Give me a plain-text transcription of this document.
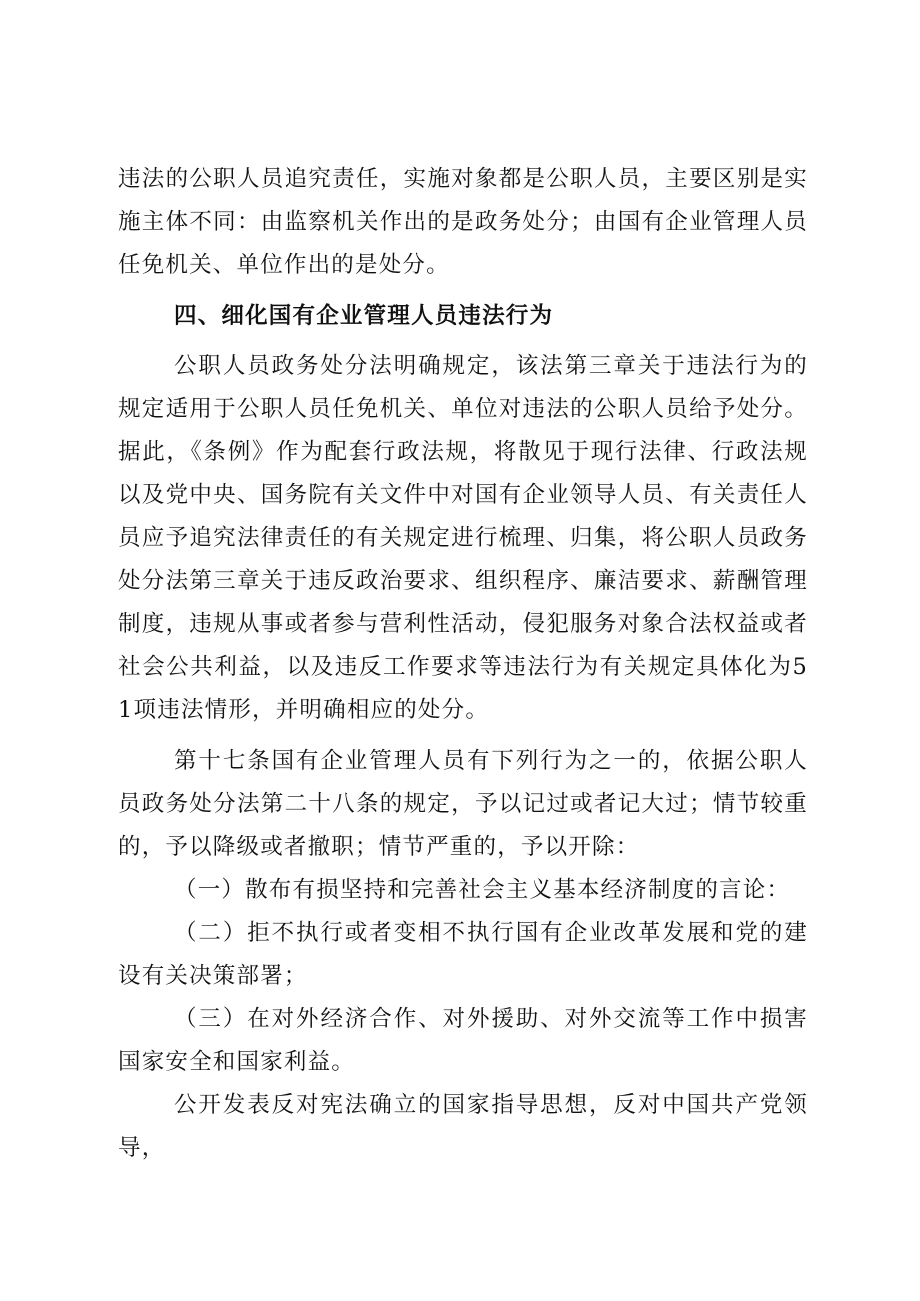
违法的公职人员追究责任，实施对象都是公职人员，主要区别是实施主体不同：由监察机关作出的是政务处分；由国有企业管理人员任免机关、单位作出的是处分。

四、细化国有企业管理人员违法行为

公职人员政务处分法明确规定，该法第三章关于违法行为的规定适用于公职人员任免机关、单位对违法的公职人员给予处分。据此，《条例》作为配套行政法规，将散见于现行法律、行政法规以及党中央、国务院有关文件中对国有企业领导人员、有关责任人员应予追究法律责任的有关规定进行梳理、归集，将公职人员政务处分法第三章关于违反政治要求、组织程序、廉洁要求、薪酬管理制度，违规从事或者参与营利性活动，侵犯服务对象合法权益或者社会公共利益，以及违反工作要求等违法行为有关规定具体化为51项违法情形，并明确相应的处分。

第十七条国有企业管理人员有下列行为之一的，依据公职人员政务处分法第二十八条的规定，予以记过或者记大过；情节较重的，予以降级或者撤职；情节严重的，予以开除：

（一）散布有损坚持和完善社会主义基本经济制度的言论：

（二）拒不执行或者变相不执行国有企业改革发展和党的建设有关决策部署；

（三）在对外经济合作、对外援助、对外交流等工作中损害国家安全和国家利益。

公开发表反对宪法确立的国家指导思想，反对中国共产党领导，
